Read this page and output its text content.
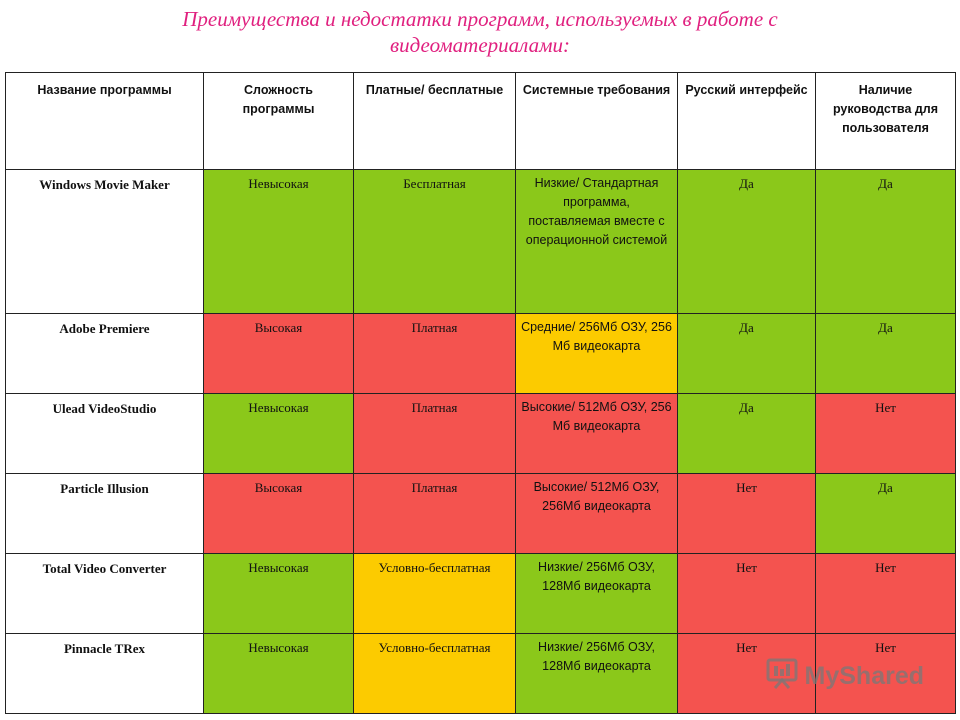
Преимущества и недостатки программ, используемых в работе с
видеоматериалами:
Название программы	Сложность программы	Платные/ бесплатные	Системные требования	Русский интерфейс	Наличие руководства для пользователя
Windows Movie Maker	Невысокая	Бесплатная	Низкие/ Стандартная программа, поставляемая вместе с операционной системой	Да	Да
Adobe Premiere	Высокая	Платная	Средние/ 256Мб ОЗУ, 256 Мб видеокарта	Да	Да
Ulead VideoStudio	Невысокая	Платная	Высокие/ 512Мб ОЗУ, 256 Мб видеокарта	Да	Нет
Particle Illusion	Высокая	Платная	Высокие/ 512Мб ОЗУ, 256Мб видеокарта	Нет	Да
Total Video Converter	Невысокая	Условно-бесплатная	Низкие/ 256Мб ОЗУ, 128Мб видеокарта	Нет	Нет
Pinnacle TRex	Невысокая	Условно-бесплатная	Низкие/ 256Мб ОЗУ, 128Мб видеокарта	Нет	Нет
MyShared
